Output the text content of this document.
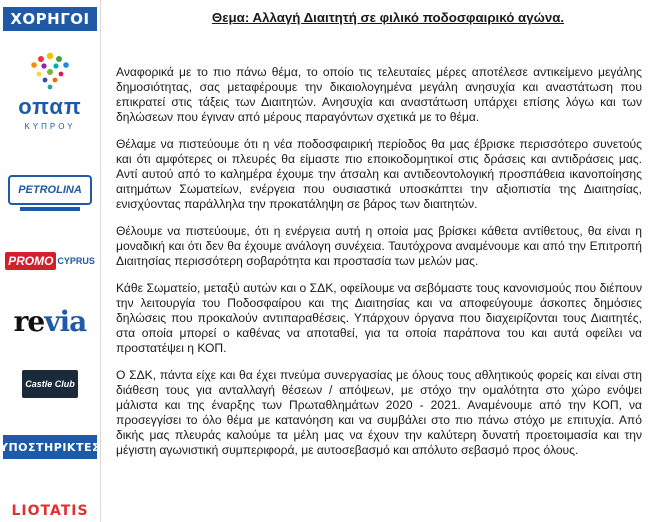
ΧΟΡΗΓΟΙ
οπαπ
ΚΥΠΡΟΥ
PETROLINA
PROMO CYPRUS
revia
Castle Club
ΥΠΟΣΤΗΡΙΚΤΕΣ
LIOTATIS
Θεμα: Αλλαγή Διαιτητή σε φιλικό ποδοσφαιρικό αγώνα.

Αναφορικά με το πιο πάνω θέμα, το οποίο τις τελευταίες μέρες αποτέλεσε αντικείμενο μεγάλης δημοσιότητας, σας μεταφέρουμε την δικαιολογημένα μεγάλη ανησυχία και αναστάτωση που επικρατεί στις τάξεις των Διαιτητών. Ανησυχία και αναστάτωση υπάρχει επίσης λόγω και των δηλώσεων που έγιναν από μέρους παραγόντων σχετικά με το θέμα.

Θέλαμε να πιστεύουμε ότι η νέα ποδοσφαιρική περίοδος θα μας έβρισκε περισσότερο συνετούς και ότι αμφότερες οι πλευρές θα είμαστε πιο εποικοδομητικοί στις δράσεις και αντιδράσεις μας. Αντί αυτού από το καλημέρα έχουμε την άτσαλη και αντιδεοντολογική προσπάθεια ικανοποίησης αιτημάτων Σωματείων, ενέργεια που ουσιαστικά υποσκάπτει την αξιοπιστία της Διαιτησίας, ενισχύοντας παράλληλα την προκατάληψη σε βάρος των διαιτητών.

Θέλουμε να πιστεύουμε, ότι η ενέργεια αυτή η οποία μας βρίσκει κάθετα αντίθετους, θα είναι η μοναδική και ότι δεν θα έχουμε ανάλογη συνέχεια. Ταυτόχρονα αναμένουμε και από την Επιτροπή Διαιτησίας περισσότερη σοβαρότητα και προστασία των μελών μας.

Κάθε Σωματείο, μεταξύ αυτών και ο ΣΔΚ, οφείλουμε να σεβόμαστε τους κανονισμούς που διέπουν την λειτουργία του Ποδοσφαίρου και της Διαιτησίας και να αποφεύγουμε άσκοπες δημόσιες δηλώσεις που προκαλούν αντιπαραθέσεις. Υπάρχουν όργανα που διαχειρίζονται τους Διαιτητές, στα οποία μπορεί ο καθένας να αποταθεί, για τα οποία παράπονα του και αυτά οφείλει να προστατέψει η ΚΟΠ.

Ο ΣΔΚ, πάντα είχε και θα έχει πνεύμα συνεργασίας με όλους τους αθλητικούς φορείς και είναι στη διάθεση τους για ανταλλαγή θέσεων / απόψεων, με στόχο την ομαλότητα στο χώρο ενόψει μάλιστα και της έναρξης των Πρωταθλημάτων 2020 - 2021. Αναμένουμε από την ΚΟΠ, να προσεγγίσει το όλο θέμα με κατανόηση και να συμβάλει στο πιο πάνω στόχο με επιτυχία. Από δικής μας πλευράς καλούμε τα μέλη μας να έχουν την καλύτερη δυνατή προετοιμασία και την μέγιστη αγωνιστική συμπεριφορά, με αυτοσεβασμό και απόλυτο σεβασμό προς όλους.
